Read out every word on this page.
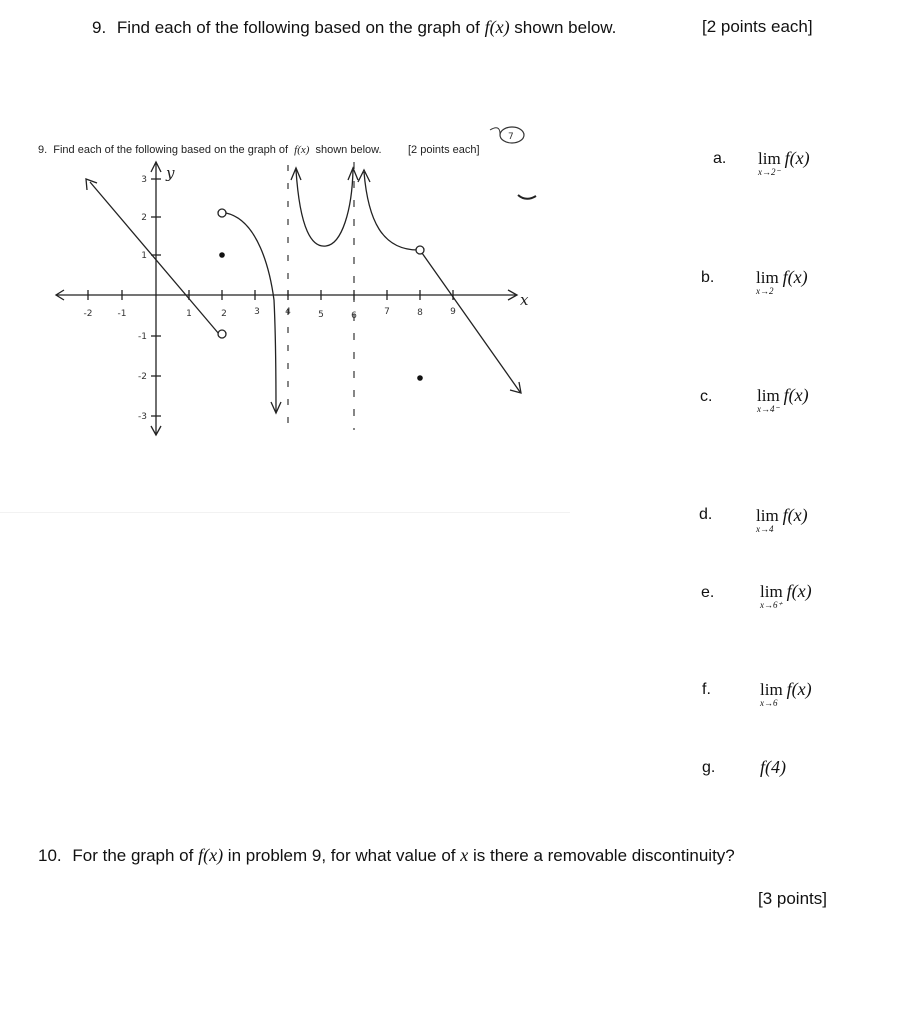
9. Find each of the following based on the graph of f(x) shown below.	[2 points each]
9. Find each of the following based on the graph of f(x) shown below. [2 points each]
7
y
x
-2	-1	1	2	3	4	5	6	7	8	9
3
2
1
-1
-2
-3
a. lim f(x)
x→2⁻
b. lim f(x)
x→2
c.	lim f(x)
x→4⁻
d.	lim f(x)
x→4
e.	lim f(x)
x→6⁺
f.	lim f(x)
x→6
g. f(4)
10. For the graph of f(x) in problem 9, for what value of x is there a removable discontinuity?
[3 points]
